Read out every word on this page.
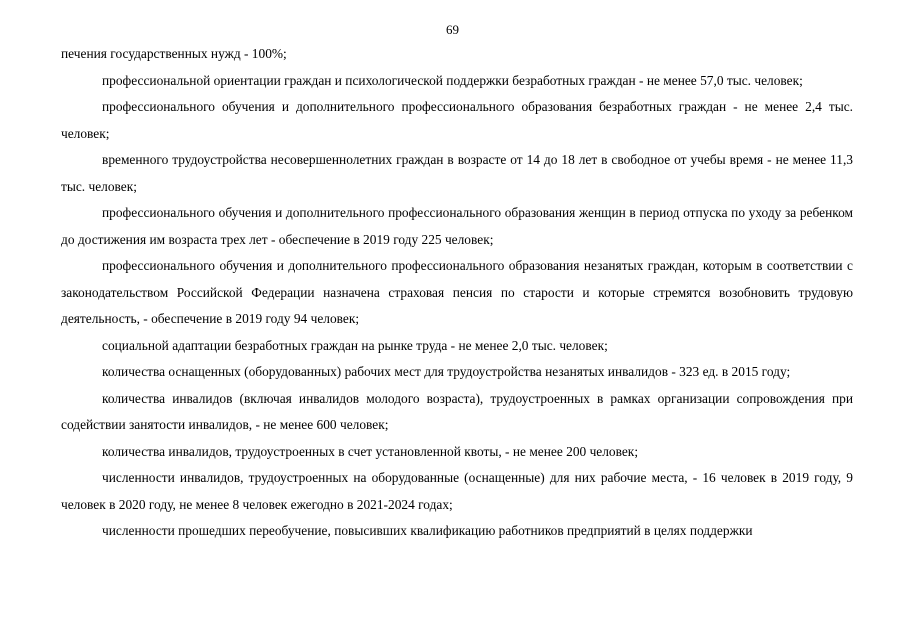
69

печения государственных нужд - 100%;

профессиональной ориентации граждан и психологической поддержки безработных граждан - не менее 57,0 тыс. человек;

профессионального обучения и дополнительного профессионального образования безработных граждан - не менее 2,4 тыс. человек;

временного трудоустройства несовершеннолетних граждан в возрасте от 14 до 18 лет в свободное от учебы время - не менее 11,3 тыс. человек;

профессионального обучения и дополнительного профессионального образования женщин в период отпуска по уходу за ребенком до достижения им возраста трех лет - обеспечение в 2019 году 225 человек;

профессионального обучения и дополнительного профессионального образования незанятых граждан, которым в соответствии с законодательством Российской Федерации назначена страховая пенсия по старости и которые стремятся возобновить трудовую деятельность, - обеспечение в 2019 году 94 человек;

социальной адаптации безработных граждан на рынке труда - не менее 2,0 тыс. человек;

количества оснащенных (оборудованных) рабочих мест для трудоустройства незанятых инвалидов - 323 ед. в 2015 году;

количества инвалидов (включая инвалидов молодого возраста), трудоустроенных в рамках организации сопровождения при содействии занятости инвалидов, - не менее 600 человек;

количества инвалидов, трудоустроенных в счет установленной квоты, - не менее 200 человек;

численности инвалидов, трудоустроенных на оборудованные (оснащенные) для них рабочие места, - 16 человек в 2019 году, 9 человек в 2020 году, не менее 8 человек ежегодно в 2021-2024 годах;

численности прошедших переобучение, повысивших квалификацию работников предприятий в целях поддержки
